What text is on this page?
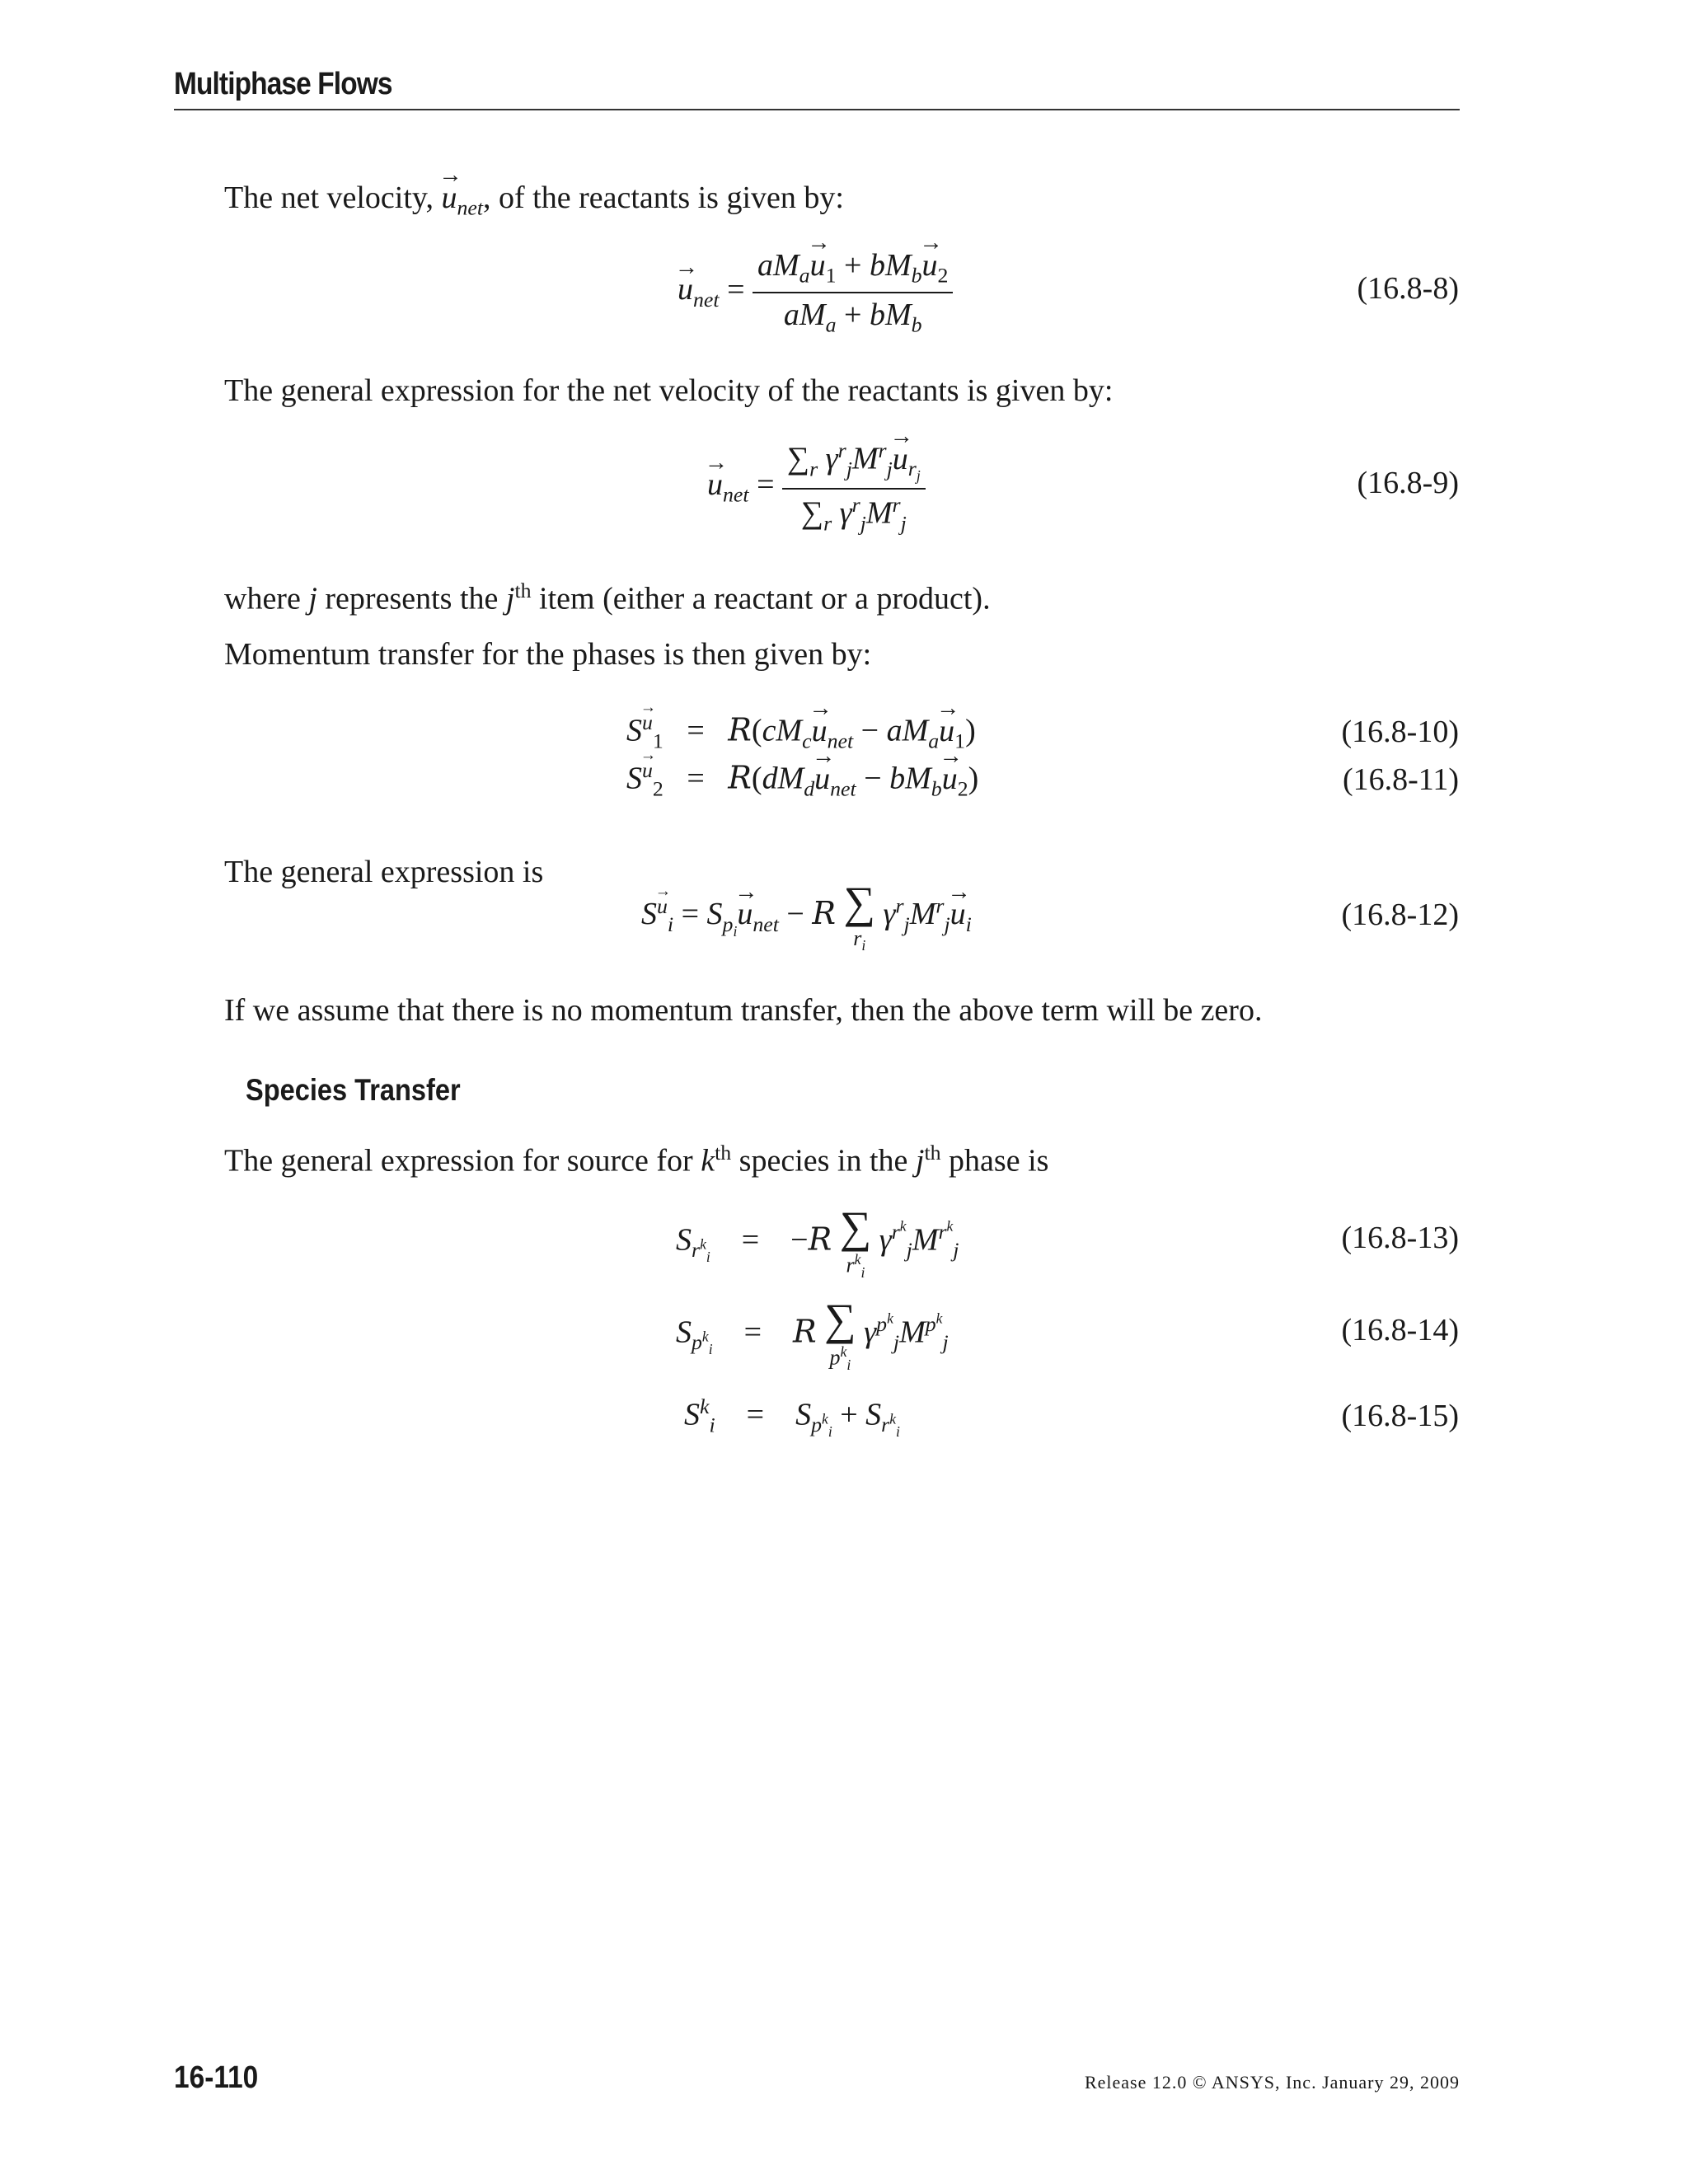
Multiphase Flows
The net velocity, → $u_{net}$, of the reactants is given by:
→ $u_{net} = \frac{aM_a\to u_1 + bM_b\to u_2}{aM_a + bM_b}$	(16.8-8)
The general expression for the net velocity of the reactants is given by:
→ $u_{net} = \frac{\sum_r \gamma^r_jM^r_j\to u_{r_j}}{\sum_r \gamma^r_jM^r_j}$	(16.8-9)
where j represents the $j^{th}$ item (either a reactant or a product).
Momentum transfer for the phases is then given by:
$S\to ^u_1 = R(cM_c\to u_{net} - aM_a\to u_1)$	(16.8-10)
$S\to ^u_2 = R(dM_d\to u_{net} - bM_b\to u_2)$	(16.8-11)
The general expression is
$S\to ^u_i = S_{p_i}\to u_{net} - R$ ∑
$r_i$
$\gamma^r_jM^r_j\to u_i$	(16.8-12)
If we assume that there is no momentum transfer, then the above term will be zero.
Species Transfer
The general expression for source for $k^{th}$ species in the $j^{th}$ phase is
$S_{r^k_i}$    =    −R ∑
$r^k_i$
$\gamma^{r^k}_jM^{r^k}_j$	(16.8-13)
$S_{p^k_i}$    =    R ∑
$p^k_i$
$\gamma^{p^k}_jM^{p^k}_j$	(16.8-14)
$S^k_i$    =    $S_{p^k_i} + S_{r^k_i}$	(16.8-15)
16-110	Release 12.0 © ANSYS, Inc. January 29, 2009
